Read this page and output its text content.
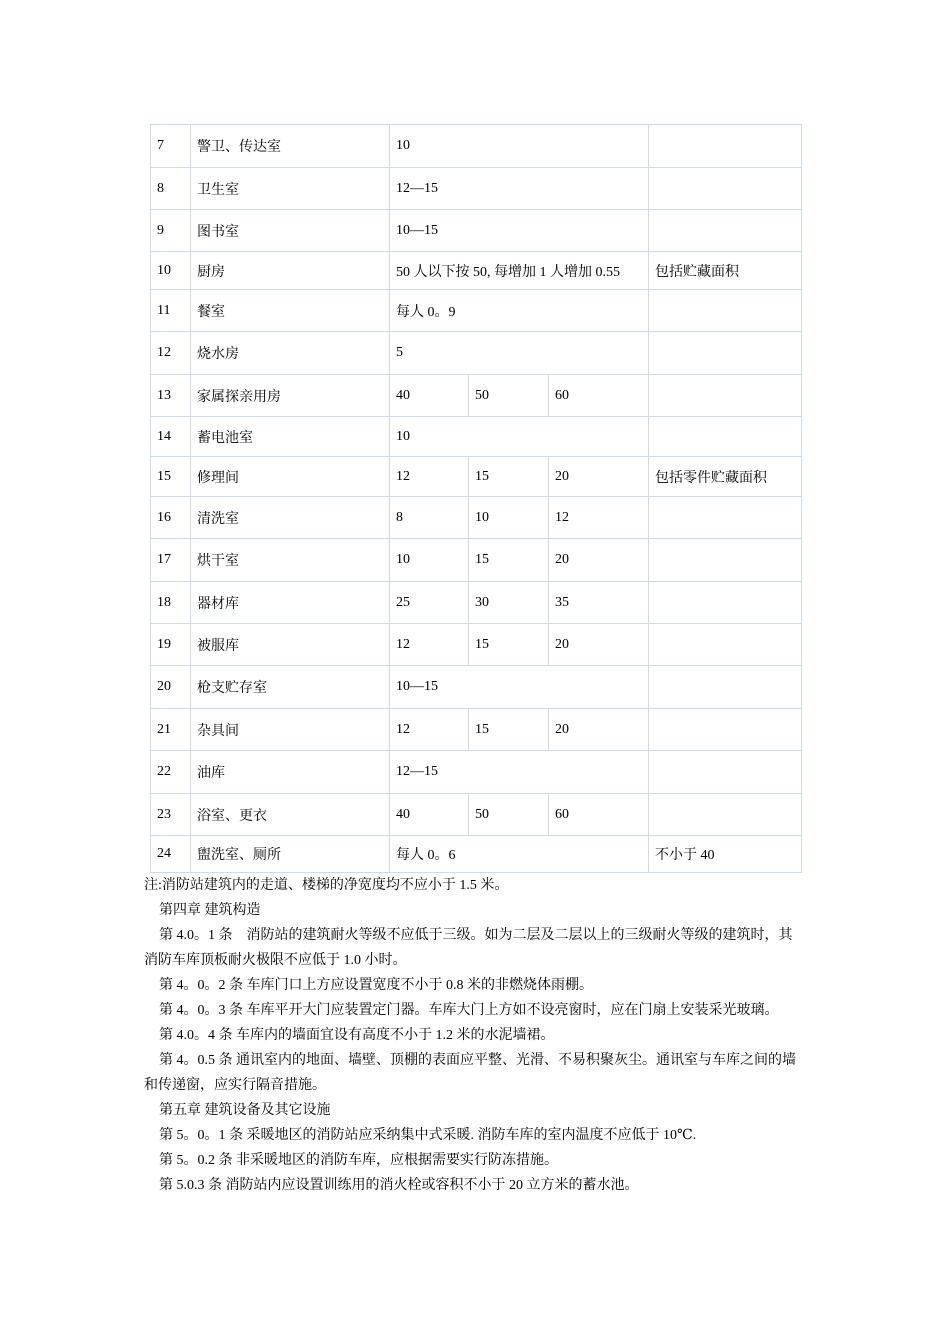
7	警卫、传达室	10			
8	卫生室	12—15			
9	图书室	10—15			
10	厨房	50 人以下按 50, 每增加 1 人增加 0.55			包括贮藏面积
11	餐室	每人 0。9			
12	烧水房	5			
13	家属探亲用房	40	50	60	
14	蓄电池室	10			
15	修理间	12	15	20	包括零件贮藏面积
16	清洗室	8	10	12	
17	烘干室	10	15	20	
18	器材库	25	30	35	
19	被服库	12	15	20	
20	枪支贮存室	10—15			
21	杂具间	12	15	20	
22	油库	12—15			
23	浴室、更衣	40	50	60	
24	盥洗室、厕所	每人 0。6			不小于 40

注:消防站建筑内的走道、楼梯的净宽度均不应小于 1.5 米。

第四章 建筑构造

第 4.0。1 条　消防站的建筑耐火等级不应低于三级。如为二层及二层以上的三级耐火等级的建筑时，其消防车库顶板耐火极限不应低于 1.0 小时。

第 4。0。2 条 车库门口上方应设置宽度不小于 0.8 米的非燃烧体雨棚。

第 4。0。3 条 车库平开大门应装置定门器。车库大门上方如不设亮窗时，应在门扇上安装采光玻璃。

第 4.0。4 条 车库内的墙面宜设有高度不小于 1.2 米的水泥墙裙。

第 4。0.5 条 通讯室内的地面、墙壁、顶棚的表面应平整、光滑、不易积聚灰尘。通讯室与车库之间的墙和传递窗，应实行隔音措施。

第五章 建筑设备及其它设施

第 5。0。1 条 采暖地区的消防站应采纳集中式采暖. 消防车库的室内温度不应低于 10℃.

第 5。0.2 条 非采暖地区的消防车库，应根据需要实行防冻措施。

第 5.0.3 条 消防站内应设置训练用的消火栓或容积不小于 20 立方米的蓄水池。
